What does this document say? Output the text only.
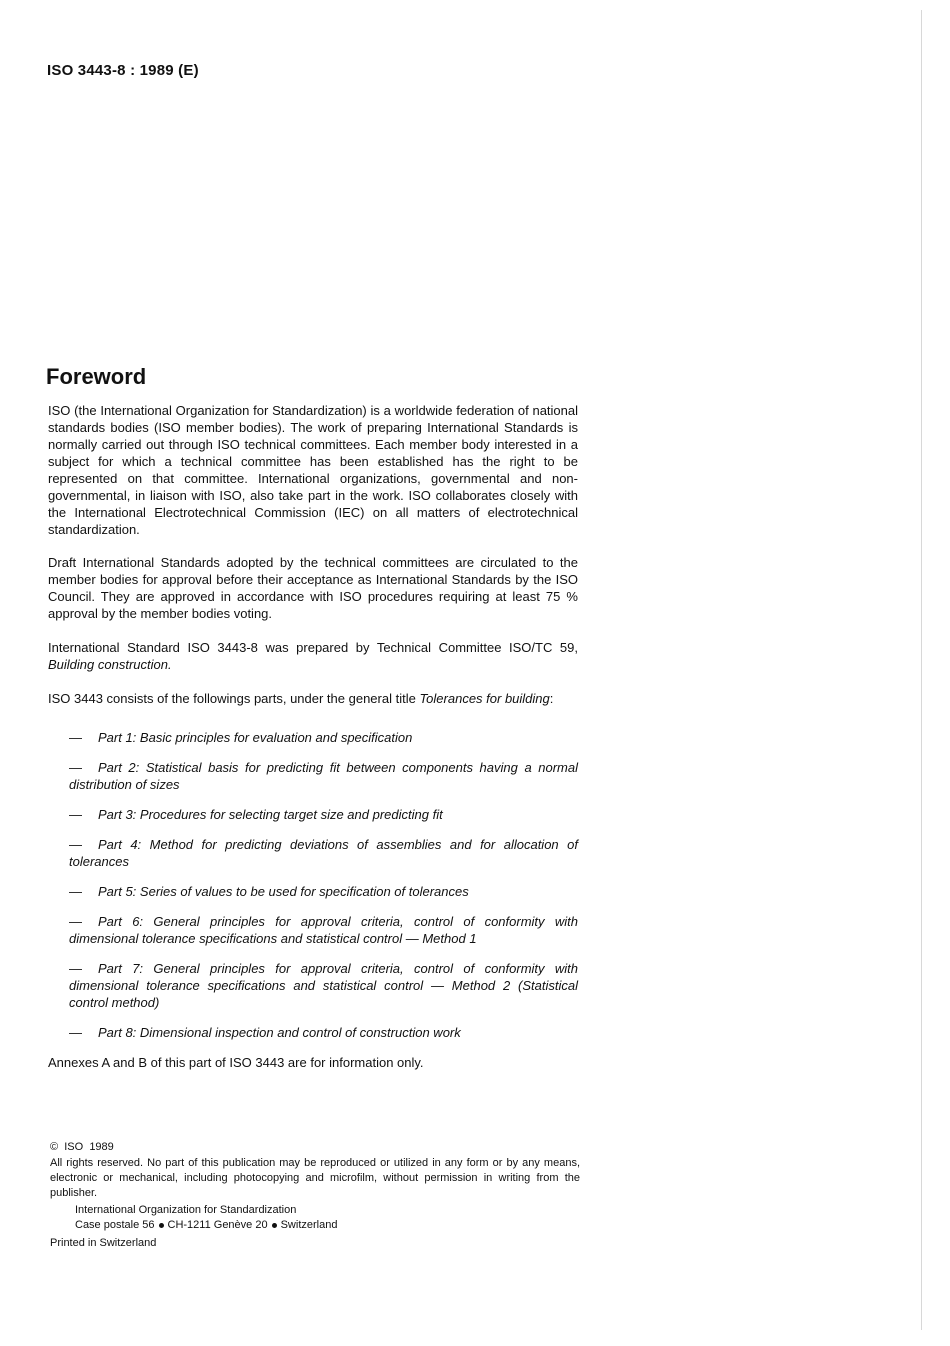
ISO 3443-8 : 1989 (E)
Foreword

ISO (the International Organization for Standardization) is a worldwide federation of national standards bodies (ISO member bodies). The work of preparing International Standards is normally carried out through ISO technical committees. Each member body interested in a subject for which a technical committee has been established has the right to be represented on that committee. International organizations, governmental and non-governmental, in liaison with ISO, also take part in the work. ISO collaborates closely with the International Electrotechnical Commission (IEC) on all matters of electrotechnical standardization.

Draft International Standards adopted by the technical committees are circulated to the member bodies for approval before their acceptance as International Standards by the ISO Council. They are approved in accordance with ISO procedures requiring at least 75 % approval by the member bodies voting.

International Standard ISO 3443-8 was prepared by Technical Committee ISO/TC 59, Building construction.

ISO 3443 consists of the followings parts, under the general title Tolerances for building:

— Part 1: Basic principles for evaluation and specification
— Part 2: Statistical basis for predicting fit between components having a normal distribution of sizes
— Part 3: Procedures for selecting target size and predicting fit
— Part 4: Method for predicting deviations of assemblies and for allocation of tolerances
— Part 5: Series of values to be used for specification of tolerances
— Part 6: General principles for approval criteria, control of conformity with dimensional tolerance specifications and statistical control — Method 1
— Part 7: General principles for approval criteria, control of conformity with dimensional tolerance specifications and statistical control — Method 2 (Statistical control method)
— Part 8: Dimensional inspection and control of construction work

Annexes A and B of this part of ISO 3443 are for information only.

© ISO 1989

All rights reserved. No part of this publication may be reproduced or utilized in any form or by any means, electronic or mechanical, including photocopying and microfilm, without permission in writing from the publisher.

International Organization for Standardization

Case postale 56 CH-1211 Genève 20 Switzerland

Printed in Switzerland
